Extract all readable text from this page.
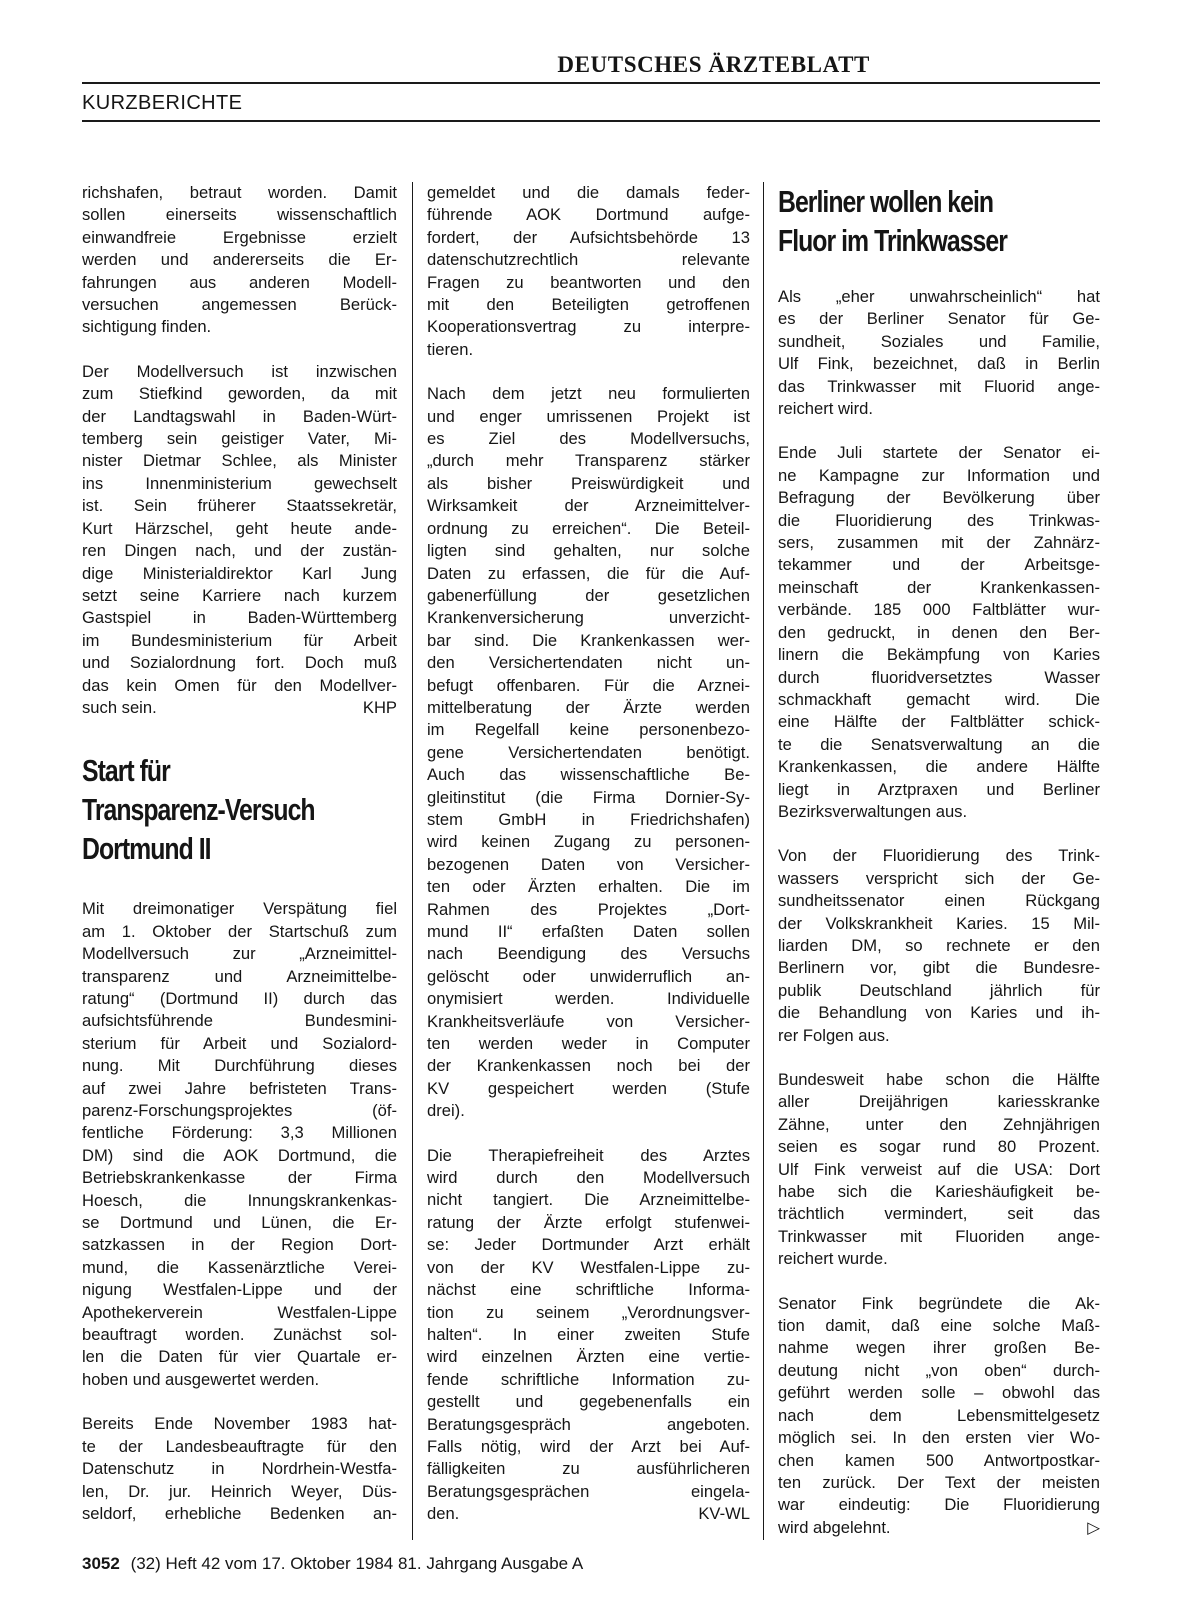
DEUTSCHES ÄRZTEBLATT
KURZBERICHTE
richshafen, betraut worden. Damit
sollen einerseits wissenschaftlich
einwandfreie Ergebnisse erzielt
werden und andererseits die Er-
fahrungen aus anderen Modell-
versuchen angemessen Berück-
sichtigung finden.
Der Modellversuch ist inzwischen
zum Stiefkind geworden, da mit
der Landtagswahl in Baden-Würt-
temberg sein geistiger Vater, Mi-
nister Dietmar Schlee, als Minister
ins Innenministerium gewechselt
ist. Sein früherer Staatssekretär,
Kurt Härzschel, geht heute ande-
ren Dingen nach, und der zustän-
dige Ministerialdirektor Karl Jung
setzt seine Karriere nach kurzem
Gastspiel in Baden-Württemberg
im Bundesministerium für Arbeit
und Sozialordnung fort. Doch muß
das kein Omen für den Modellver-
such sein.	KHP
Start für
Transparenz-Versuch
Dortmund II
Mit dreimonatiger Verspätung fiel
am 1. Oktober der Startschuß zum
Modellversuch zur „Arzneimittel-
transparenz und Arzneimittelbe-
ratung“ (Dortmund II) durch das
aufsichtsführende Bundesmini-
sterium für Arbeit und Sozialord-
nung. Mit Durchführung dieses
auf zwei Jahre befristeten Trans-
parenz-Forschungsprojektes (öf-
fentliche Förderung: 3,3 Millionen
DM) sind die AOK Dortmund, die
Betriebskrankenkasse der Firma
Hoesch, die Innungskrankenkas-
se Dortmund und Lünen, die Er-
satzkassen in der Region Dort-
mund, die Kassenärztliche Verei-
nigung Westfalen-Lippe und der
Apothekerverein Westfalen-Lippe
beauftragt worden. Zunächst sol-
len die Daten für vier Quartale er-
hoben und ausgewertet werden.
Bereits Ende November 1983 hat-
te der Landesbeauftragte für den
Datenschutz in Nordrhein-Westfa-
len, Dr. jur. Heinrich Weyer, Düs-
seldorf, erhebliche Bedenken an-
gemeldet und die damals feder-
führende AOK Dortmund aufge-
fordert, der Aufsichtsbehörde 13
datenschutzrechtlich relevante
Fragen zu beantworten und den
mit den Beteiligten getroffenen
Kooperationsvertrag zu interpre-
tieren.
Nach dem jetzt neu formulierten
und enger umrissenen Projekt ist
es Ziel des Modellversuchs,
„durch mehr Transparenz stärker
als bisher Preiswürdigkeit und
Wirksamkeit der Arzneimittelver-
ordnung zu erreichen“. Die Beteil-
ligten sind gehalten, nur solche
Daten zu erfassen, die für die Auf-
gabenerfüllung der gesetzlichen
Krankenversicherung unverzicht-
bar sind. Die Krankenkassen wer-
den Versichertendaten nicht un-
befugt offenbaren. Für die Arznei-
mittelberatung der Ärzte werden
im Regelfall keine personenbezo-
gene Versichertendaten benötigt.
Auch das wissenschaftliche Be-
gleitinstitut (die Firma Dornier-Sy-
stem GmbH in Friedrichshafen)
wird keinen Zugang zu personen-
bezogenen Daten von Versicher-
ten oder Ärzten erhalten. Die im
Rahmen des Projektes „Dort-
mund II“ erfaßten Daten sollen
nach Beendigung des Versuchs
gelöscht oder unwiderruflich an-
onymisiert werden. Individuelle
Krankheitsverläufe von Versicher-
ten werden weder in Computer
der Krankenkassen noch bei der
KV gespeichert werden (Stufe
drei).
Die Therapiefreiheit des Arztes
wird durch den Modellversuch
nicht tangiert. Die Arzneimittelbe-
ratung der Ärzte erfolgt stufenwei-
se: Jeder Dortmunder Arzt erhält
von der KV Westfalen-Lippe zu-
nächst eine schriftliche Informa-
tion zu seinem „Verordnungsver-
halten“. In einer zweiten Stufe
wird einzelnen Ärzten eine vertie-
fende schriftliche Information zu-
gestellt und gegebenenfalls ein
Beratungsgespräch angeboten.
Falls nötig, wird der Arzt bei Auf-
fälligkeiten zu ausführlicheren
Beratungsgesprächen eingela-
den.	KV-WL
Berliner wollen kein
Fluor im Trinkwasser
Als „eher unwahrscheinlich“ hat
es der Berliner Senator für Ge-
sundheit, Soziales und Familie,
Ulf Fink, bezeichnet, daß in Berlin
das Trinkwasser mit Fluorid ange-
reichert wird.
Ende Juli startete der Senator ei-
ne Kampagne zur Information und
Befragung der Bevölkerung über
die Fluoridierung des Trinkwas-
sers, zusammen mit der Zahnärz-
tekammer und der Arbeitsge-
meinschaft der Krankenkassen-
verbände. 185 000 Faltblätter wur-
den gedruckt, in denen den Ber-
linern die Bekämpfung von Karies
durch fluoridversetztes Wasser
schmackhaft gemacht wird. Die
eine Hälfte der Faltblätter schick-
te die Senatsverwaltung an die
Krankenkassen, die andere Hälfte
liegt in Arztpraxen und Berliner
Bezirksverwaltungen aus.
Von der Fluoridierung des Trink-
wassers verspricht sich der Ge-
sundheitssenator einen Rückgang
der Volkskrankheit Karies. 15 Mil-
liarden DM, so rechnete er den
Berlinern vor, gibt die Bundesre-
publik Deutschland jährlich für
die Behandlung von Karies und ih-
rer Folgen aus.
Bundesweit habe schon die Hälfte
aller Dreijährigen kariesskranke
Zähne, unter den Zehnjährigen
seien es sogar rund 80 Prozent.
Ulf Fink verweist auf die USA: Dort
habe sich die Karieshäufigkeit be-
trächtlich vermindert, seit das
Trinkwasser mit Fluoriden ange-
reichert wurde.
Senator Fink begründete die Ak-
tion damit, daß eine solche Maß-
nahme wegen ihrer großen Be-
deutung nicht „von oben“ durch-
geführt werden solle – obwohl das
nach dem Lebensmittelgesetz
möglich sei. In den ersten vier Wo-
chen kamen 500 Antwortpostkar-
ten zurück. Der Text der meisten
war eindeutig: Die Fluoridierung
wird abgelehnt.	▷
3052 (32) Heft 42 vom 17. Oktober 1984 81. Jahrgang Ausgabe A
